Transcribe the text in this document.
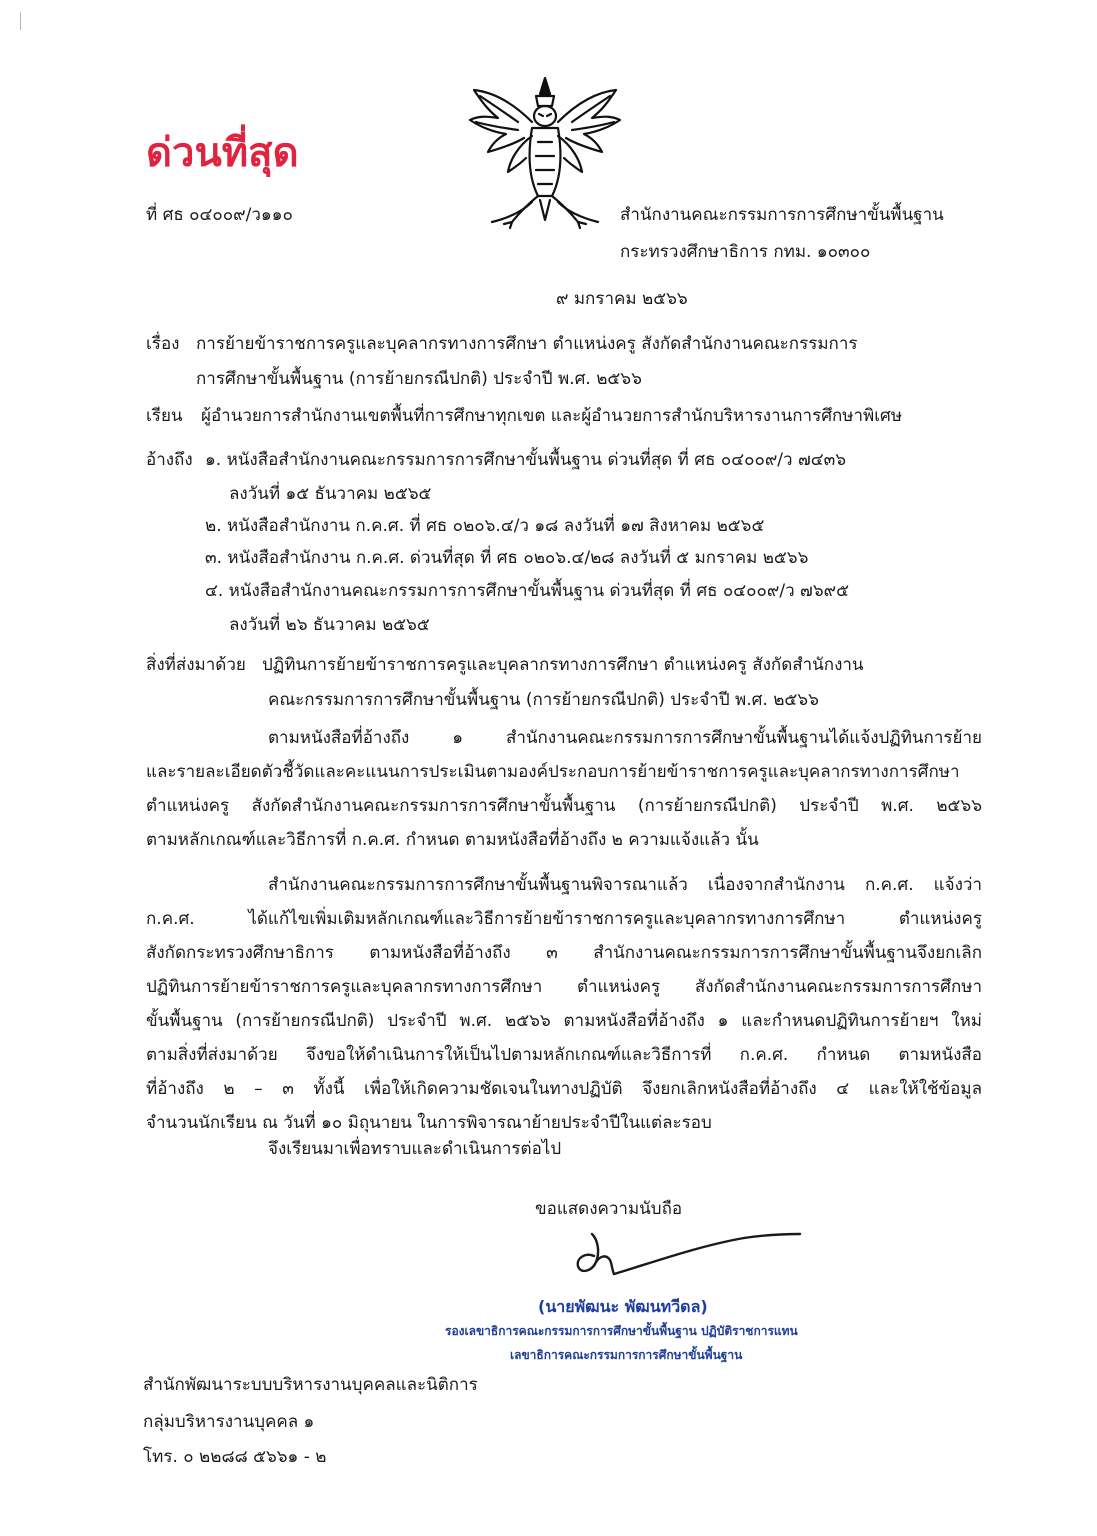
ด่วนที่สุด
ที่ ศธ ๐๔๐๐๙/ว๑๑๐	สำนักงานคณะกรรมการการศึกษาขั้นพื้นฐาน
กระทรวงศึกษาธิการ กทม. ๑๐๓๐๐
๙ มกราคม ๒๕๖๖
เรื่อง การย้ายข้าราชการครูและบุคลากรทางการศึกษา ตำแหน่งครู สังกัดสำนักงานคณะกรรมการ
การศึกษาขั้นพื้นฐาน (การย้ายกรณีปกติ) ประจำปี พ.ศ. ๒๕๖๖
เรียน ผู้อำนวยการสำนักงานเขตพื้นที่การศึกษาทุกเขต และผู้อำนวยการสำนักบริหารงานการศึกษาพิเศษ
อ้างถึง ๑. หนังสือสำนักงานคณะกรรมการการศึกษาขั้นพื้นฐาน ด่วนที่สุด ที่ ศธ ๐๔๐๐๙/ว ๗๔๓๖
ลงวันที่ ๑๕ ธันวาคม ๒๕๖๕
๒. หนังสือสำนักงาน ก.ค.ศ. ที่ ศธ ๐๒๐๖.๔/ว ๑๘ ลงวันที่ ๑๗ สิงหาคม ๒๕๖๕
๓. หนังสือสำนักงาน ก.ค.ศ. ด่วนที่สุด ที่ ศธ ๐๒๐๖.๔/๒๘ ลงวันที่ ๕ มกราคม ๒๕๖๖
๔. หนังสือสำนักงานคณะกรรมการการศึกษาขั้นพื้นฐาน ด่วนที่สุด ที่ ศธ ๐๔๐๐๙/ว ๗๖๙๕
ลงวันที่ ๒๖ ธันวาคม ๒๕๖๕
สิ่งที่ส่งมาด้วย ปฏิทินการย้ายข้าราชการครูและบุคลากรทางการศึกษา ตำแหน่งครู สังกัดสำนักงาน
คณะกรรมการการศึกษาขั้นพื้นฐาน (การย้ายกรณีปกติ) ประจำปี พ.ศ. ๒๕๖๖
ตามหนังสือที่อ้างถึง ๑ สำนักงานคณะกรรมการการศึกษาขั้นพื้นฐานได้แจ้งปฏิทินการย้าย
และรายละเอียดตัวชี้วัดและคะแนนการประเมินตามองค์ประกอบการย้ายข้าราชการครูและบุคลากรทางการศึกษา
ตำแหน่งครู สังกัดสำนักงานคณะกรรมการการศึกษาขั้นพื้นฐาน (การย้ายกรณีปกติ) ประจำปี พ.ศ. ๒๕๖๖
ตามหลักเกณฑ์และวิธีการที่ ก.ค.ศ. กำหนด ตามหนังสือที่อ้างถึง ๒ ความแจ้งแล้ว นั้น
สำนักงานคณะกรรมการการศึกษาขั้นพื้นฐานพิจารณาแล้ว เนื่องจากสำนักงาน ก.ค.ศ. แจ้งว่า
ก.ค.ศ. ได้แก้ไขเพิ่มเติมหลักเกณฑ์และวิธีการย้ายข้าราชการครูและบุคลากรทางการศึกษา ตำแหน่งครู
สังกัดกระทรวงศึกษาธิการ ตามหนังสือที่อ้างถึง ๓ สำนักงานคณะกรรมการการศึกษาขั้นพื้นฐานจึงยกเลิก
ปฏิทินการย้ายข้าราชการครูและบุคลากรทางการศึกษา ตำแหน่งครู สังกัดสำนักงานคณะกรรมการการศึกษา
ขั้นพื้นฐาน (การย้ายกรณีปกติ) ประจำปี พ.ศ. ๒๕๖๖ ตามหนังสือที่อ้างถึง ๑ และกำหนดปฏิทินการย้ายฯ ใหม่
ตามสิ่งที่ส่งมาด้วย จึงขอให้ดำเนินการให้เป็นไปตามหลักเกณฑ์และวิธีการที่ ก.ค.ศ. กำหนด ตามหนังสือ
ที่อ้างถึง ๒ – ๓ ทั้งนี้ เพื่อให้เกิดความชัดเจนในทางปฏิบัติ จึงยกเลิกหนังสือที่อ้างถึง ๔ และให้ใช้ข้อมูล
จำนวนนักเรียน ณ วันที่ ๑๐ มิถุนายน ในการพิจารณาย้ายประจำปีในแต่ละรอบ
จึงเรียนมาเพื่อทราบและดำเนินการต่อไป
ขอแสดงความนับถือ
(นายพัฒนะ พัฒนทวีดล)
รองเลขาธิการคณะกรรมการการศึกษาขั้นพื้นฐาน ปฏิบัติราชการแทน
เลขาธิการคณะกรรมการการศึกษาขั้นพื้นฐาน
สำนักพัฒนาระบบบริหารงานบุคคลและนิติการ
กลุ่มบริหารงานบุคคล ๑
โทร. ๐ ๒๒๘๘ ๕๖๖๑ - ๒
